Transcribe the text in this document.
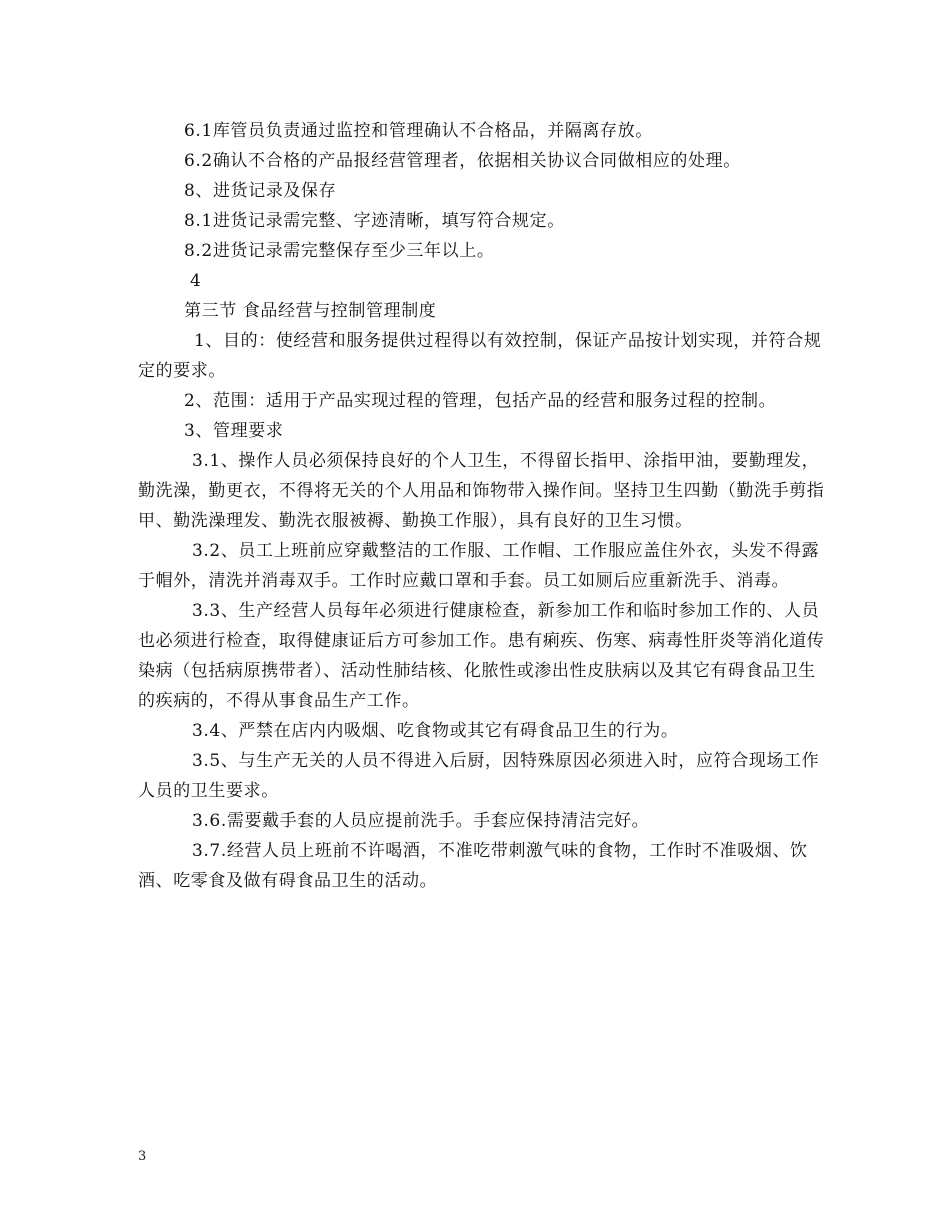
6.1库管员负责通过监控和管理确认不合格品，并隔离存放。

6.2确认不合格的产品报经营管理者，依据相关协议合同做相应的处理。

8、进货记录及保存

8.1进货记录需完整、字迹清晰，填写符合规定。

8.2进货记录需完整保存至少三年以上。

4

第三节 食品经营与控制管理制度

1、目的：使经营和服务提供过程得以有效控制，保证产品按计划实现，并符合规定的要求。

2、范围：适用于产品实现过程的管理，包括产品的经营和服务过程的控制。

3、管理要求

3.1、操作人员必须保持良好的个人卫生，不得留长指甲、涂指甲油，要勤理发，勤洗澡，勤更衣，不得将无关的个人用品和饰物带入操作间。坚持卫生四勤（勤洗手剪指甲、勤洗澡理发、勤洗衣服被褥、勤换工作服），具有良好的卫生习惯。

3.2、员工上班前应穿戴整洁的工作服、工作帽、工作服应盖住外衣，头发不得露于帽外，清洗并消毒双手。工作时应戴口罩和手套。员工如厕后应重新洗手、消毒。

3.3、生产经营人员每年必须进行健康检查，新参加工作和临时参加工作的、人员也必须进行检查，取得健康证后方可参加工作。患有痢疾、伤寒、病毒性肝炎等消化道传染病（包括病原携带者）、活动性肺结核、化脓性或渗出性皮肤病以及其它有碍食品卫生的疾病的，不得从事食品生产工作。

3.4、严禁在店内内吸烟、吃食物或其它有碍食品卫生的行为。

3.5、与生产无关的人员不得进入后厨，因特殊原因必须进入时，应符合现场工作人员的卫生要求。

3.6.需要戴手套的人员应提前洗手。手套应保持清洁完好。

3.7.经营人员上班前不许喝酒，不准吃带刺激气味的食物，工作时不准吸烟、饮酒、吃零食及做有碍食品卫生的活动。

3
